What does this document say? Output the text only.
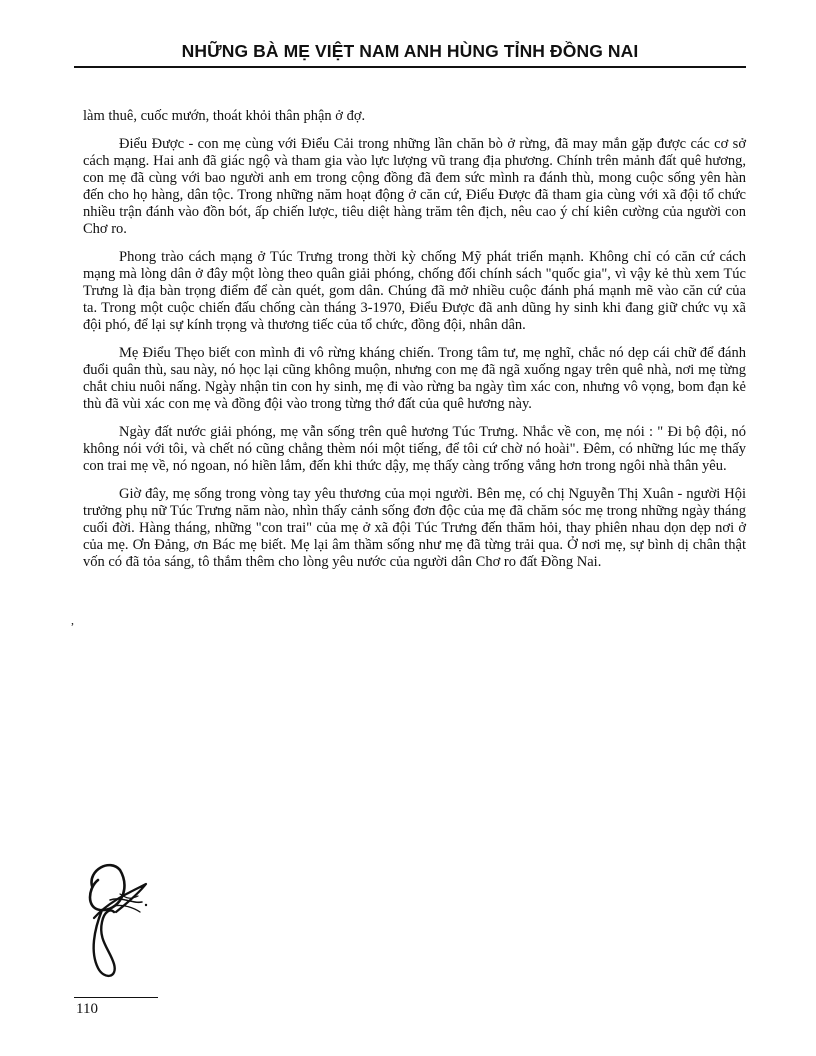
NHỮNG BÀ MẸ VIỆT NAM ANH HÙNG TỈNH ĐỒNG NAI

làm thuê, cuốc mướn, thoát khỏi thân phận ở đợ.

Điểu Được - con mẹ cùng với Điểu Cải trong những lần chăn bò ở rừng, đã may mắn gặp được các cơ sở cách mạng. Hai anh đã giác ngộ và tham gia vào lực lượng vũ trang địa phương. Chính trên mảnh đất quê hương, con mẹ đã cùng với bao người anh em trong cộng đồng đã đem sức mình ra đánh thù, mong cuộc sống yên hàn đến cho họ hàng, dân tộc. Trong những năm hoạt động ở căn cứ, Điểu Được đã tham gia cùng với xã đội tổ chức nhiều trận đánh vào đồn bót, ấp chiến lược, tiêu diệt hàng trăm tên địch, nêu cao ý chí kiên cường của người con Chơ ro.

Phong trào cách mạng ở Túc Trưng trong thời kỳ chống Mỹ phát triển mạnh. Không chỉ có căn cứ cách mạng mà lòng dân ở đây một lòng theo quân giải phóng, chống đối chính sách "quốc gia", vì vậy kẻ thù xem Túc Trưng là địa bàn trọng điểm để càn quét, gom dân. Chúng đã mở nhiều cuộc đánh phá mạnh mẽ vào căn cứ của ta. Trong một cuộc chiến đấu chống càn tháng 3-1970, Điểu Được đã anh dũng hy sinh khi đang giữ chức vụ xã đội phó, để lại sự kính trọng và thương tiếc của tổ chức, đồng đội, nhân dân.

Mẹ Điểu Thẹo biết con mình đi vô rừng kháng chiến. Trong tâm tư, mẹ nghĩ, chắc nó dẹp cái chữ để đánh đuổi quân thù, sau này, nó học lại cũng không muộn, nhưng con mẹ đã ngã xuống ngay trên quê nhà, nơi mẹ từng chắt chiu nuôi nấng. Ngày nhận tin con hy sinh, mẹ đi vào rừng ba ngày tìm xác con, nhưng vô vọng, bom đạn kẻ thù đã vùi xác con mẹ và đồng đội vào trong từng thớ đất của quê hương này.

Ngày đất nước giải phóng, mẹ vẫn sống trên quê hương Túc Trưng. Nhắc về con, mẹ nói : " Đi bộ đội, nó không nói với tôi, và chết nó cũng chẳng thèm nói một tiếng, để tôi cứ chờ nó hoài". Đêm, có những lúc mẹ thấy con trai mẹ về, nó ngoan, nó hiền lắm, đến khi thức dậy, mẹ thấy càng trống vắng hơn trong ngôi nhà thân yêu.

Giờ đây, mẹ sống trong vòng tay yêu thương của mọi người. Bên mẹ, có chị Nguyễn Thị Xuân - người Hội trưởng phụ nữ Túc Trưng năm nào, nhìn thấy cảnh sống đơn độc của mẹ đã chăm sóc mẹ trong những ngày tháng cuối đời. Hàng tháng, những "con trai" của mẹ ở xã đội Túc Trưng đến thăm hỏi, thay phiên nhau dọn dẹp nơi ở của mẹ. Ơn Đảng, ơn Bác mẹ biết. Mẹ lại âm thầm sống như mẹ đã từng trải qua. Ở nơi mẹ, sự bình dị chân thật vốn có đã tỏa sáng, tô thắm thêm cho lòng yêu nước của người dân Chơ ro đất Đồng Nai.

,
110
